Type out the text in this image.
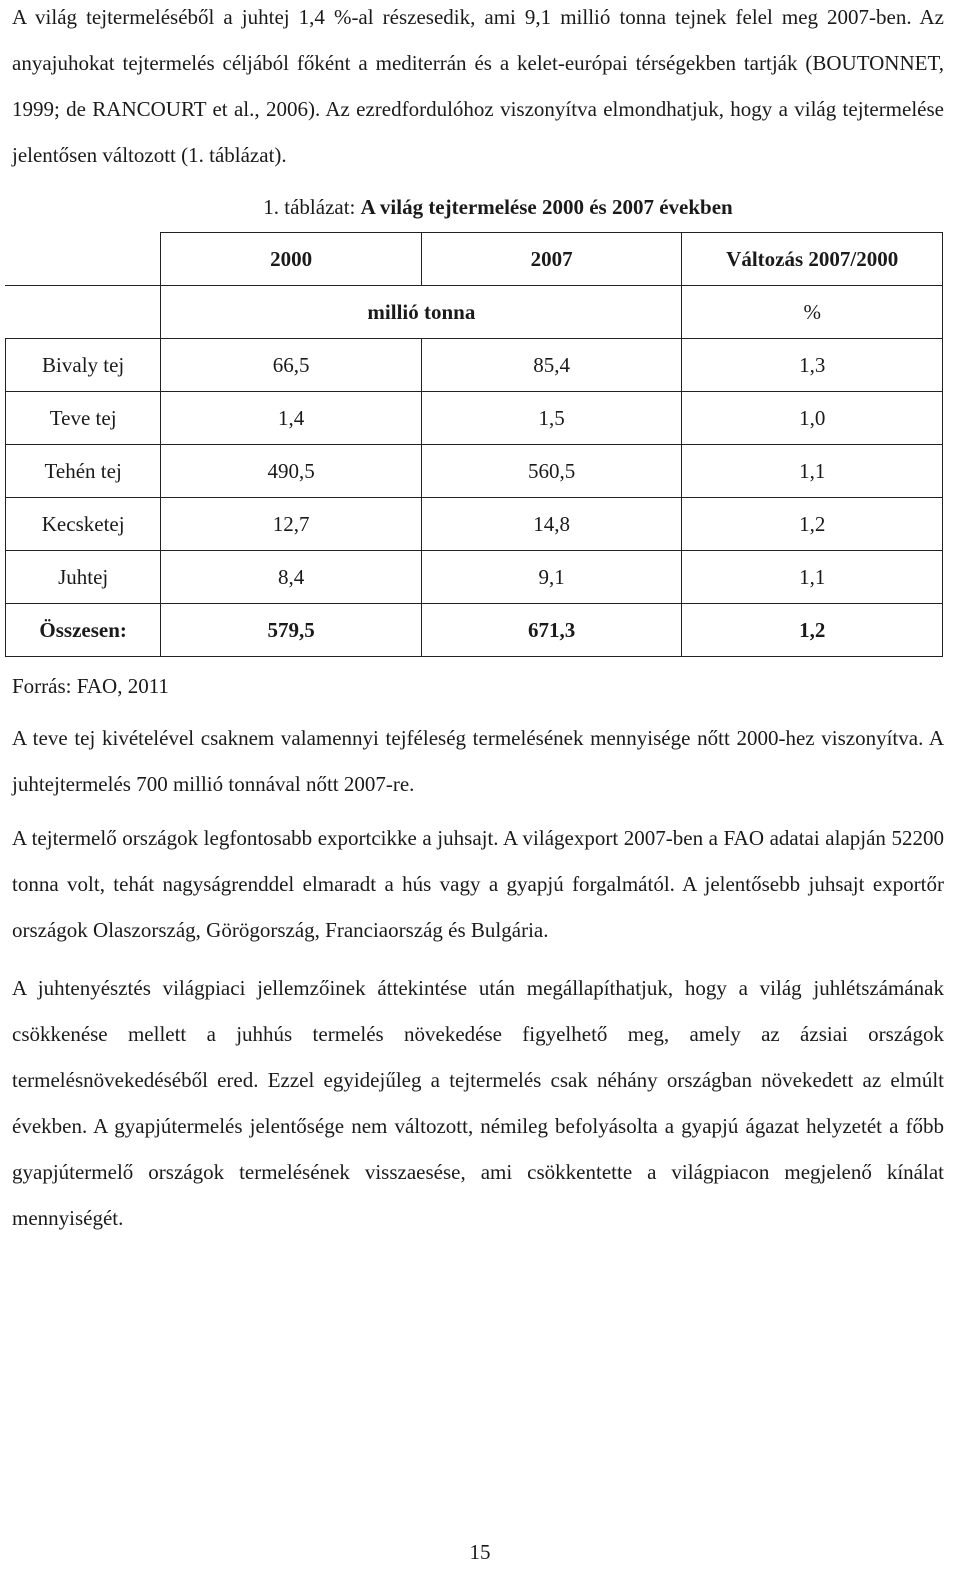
A világ tejtermeléséből a juhtej 1,4 %-al részesedik, ami 9,1 millió tonna tejnek felel meg 2007-ben. Az anyajuhokat tejtermelés céljából főként a mediterrán és a kelet-európai térségekben tartják (BOUTONNET, 1999; de RANCOURT et al., 2006). Az ezredfordulóhoz viszonyítva elmondhatjuk, hogy a világ tejtermelése jelentősen változott (1. táblázat).

1. táblázat: A világ tejtermelése 2000 és 2007 években

	2000	2007	Változás 2007/2000
	millió tonna		%
Bivaly tej	66,5	85,4	1,3
Teve tej	1,4	1,5	1,0
Tehén tej	490,5	560,5	1,1
Kecsketej	12,7	14,8	1,2
Juhtej	8,4	9,1	1,1
Összesen:	579,5	671,3	1,2

Forrás: FAO, 2011

A teve tej kivételével csaknem valamennyi tejféleség termelésének mennyisége nőtt 2000-hez viszonyítva. A juhtejtermelés 700 millió tonnával nőtt 2007-re.

A tejtermelő országok legfontosabb exportcikke a juhsajt. A világexport 2007-ben a FAO adatai alapján 52200 tonna volt, tehát nagyságrenddel elmaradt a hús vagy a gyapjú forgalmától. A jelentősebb juhsajt exportőr országok Olaszország, Görögország, Franciaország és Bulgária.

A juhtenyésztés világpiaci jellemzőinek áttekintése után megállapíthatjuk, hogy a világ juhlétszámának csökkenése mellett a juhhús termelés növekedése figyelhető meg, amely az ázsiai országok termelésnövekedéséből ered. Ezzel egyidejűleg a tejtermelés csak néhány országban növekedett az elmúlt években. A gyapjútermelés jelentősége nem változott, némileg befolyásolta a gyapjú ágazat helyzetét a főbb gyapjútermelő országok termelésének visszaesése, ami csökkentette a világpiacon megjelenő kínálat mennyiségét.

15
